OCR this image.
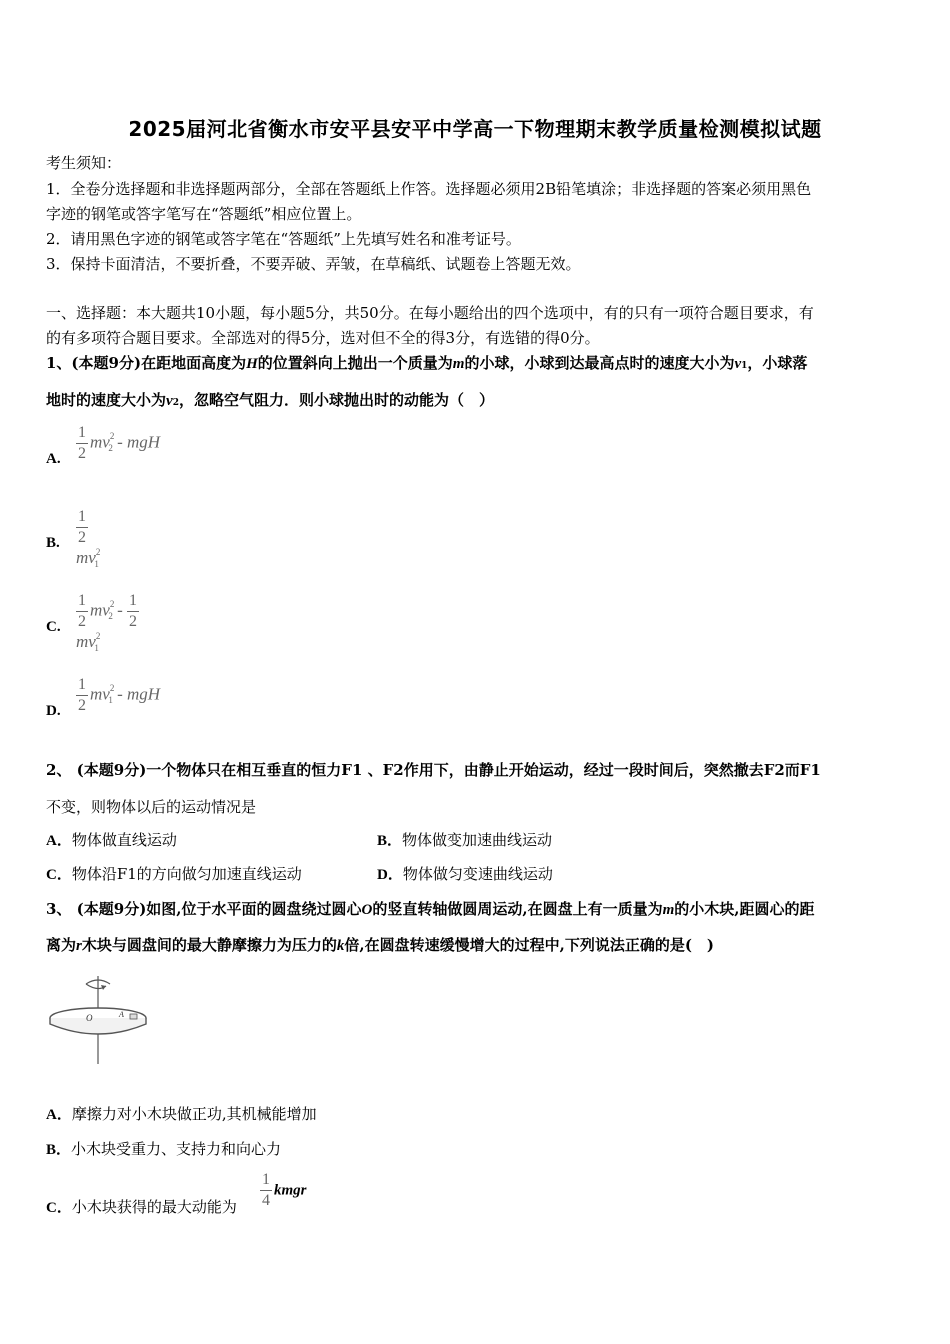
2025届河北省衡水市安平县安平中学高一下物理期末教学质量检测模拟试题
考生须知：
1．全卷分选择题和非选择题两部分，全部在答题纸上作答。选择题必须用2B铅笔填涂；非选择题的答案必须用黑色
字迹的钢笔或答字笔写在“答题纸”相应位置上。
2．请用黑色字迹的钢笔或答字笔在“答题纸”上先填写姓名和准考证号。
3．保持卡面清洁，不要折叠，不要弄破、弄皱，在草稿纸、试题卷上答题无效。
一、选择题：本大题共10小题，每小题5分，共50分。在每小题给出的四个选项中，有的只有一项符合题目要求，有
的有多项符合题目要求。全部选对的得5分，选对但不全的得3分，有选错的得0分。
1、(本题9分)在距地面高度为H的位置斜向上抛出一个质量为m的小球，小球到达最高点时的速度大小为v1，小球落
地时的速度大小为v2，忽略空气阻力．则小球抛出时的动能为（　）
A. $\frac{1}{2} mv^2_2$ - mgH
B. $\frac{1}{2}$
$mv^2_1$
C. $\frac{1}{2} mv^2_2 - \frac{1}{2}$
$mv^2_1$
D. $\frac{1}{2} mv^2_1$ - mgH
2、 (本题9分)一个物体只在相互垂直的恒力F1 、F2作用下，由静止开始运动，经过一段时间后，突然撤去F2而F1
不变，则物体以后的运动情况是
A．物体做直线运动	B．物体做变加速曲线运动
C．物体沿F1的方向做匀加速直线运动	D．物体做匀变速曲线运动
3、 (本题9分)如图,位于水平面的圆盘绕过圆心O的竖直转轴做圆周运动,在圆盘上有一质量为m的小木块,距圆心的距
离为r木块与圆盘间的最大静摩擦力为压力的k倍,在圆盘转速缓慢增大的过程中,下列说法正确的是(　)
O	A
A．摩擦力对小木块做正功,其机械能增加
B．小木块受重力、支持力和向心力
C．小木块获得的最大动能为 $\frac{1}{4}$ kmgr
